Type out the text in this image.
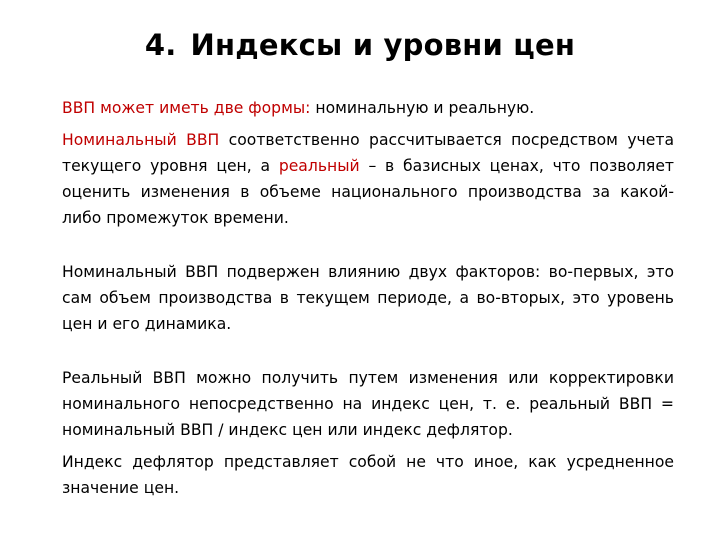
4. Индексы и уровни цен

ВВП может иметь две формы: номинальную и реальную.

Номинальный ВВП соответственно рассчитывается посредством учета текущего уровня цен, а реальный – в базисных ценах, что позволяет оценить изменения в объеме национального производства за какой-либо промежуток времени.

Номинальный ВВП подвержен влиянию двух факторов: во-первых, это сам объем производства в текущем периоде, а во-вторых, это уровень цен и его динамика.

Реальный ВВП можно получить путем изменения или корректировки номинального непосредственно на индекс цен, т. е. реальный ВВП = номинальный ВВП / индекс цен или индекс дефлятор.

Индекс дефлятор представляет собой не что иное, как усредненное значение цен.
